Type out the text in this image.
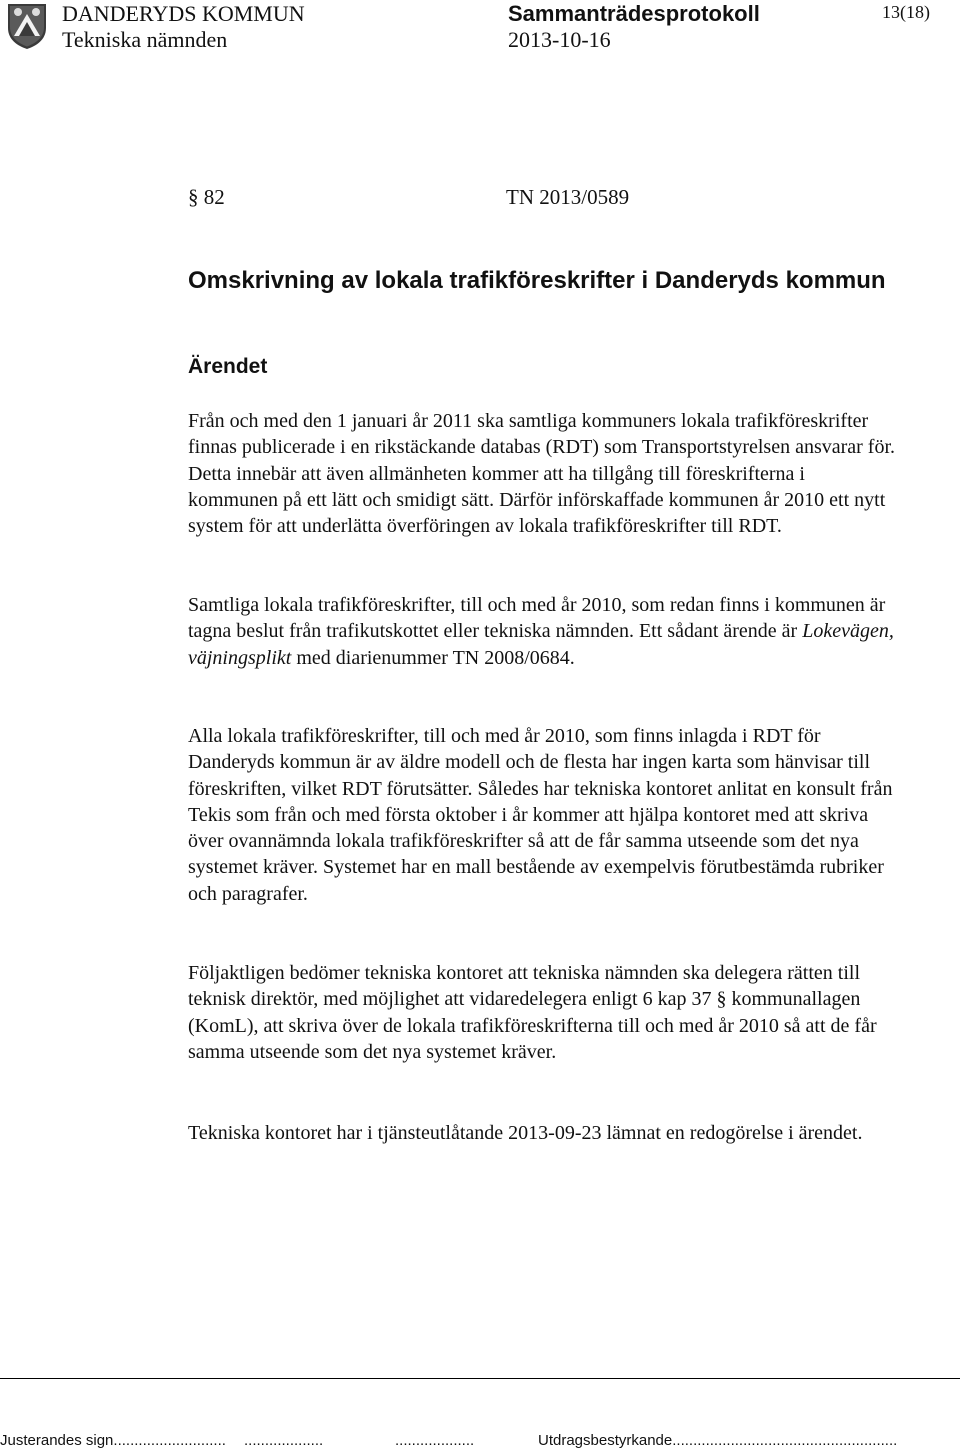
DANDERYDS KOMMUN
Tekniska nämnden
Sammanträdesprotokoll
2013-10-16
13(18)
§ 82	TN 2013/0589
Omskrivning av lokala trafikföreskrifter i Danderyds kommun
Ärendet

Från och med den 1 januari år 2011 ska samtliga kommuners lokala trafikföreskrifter finnas publicerade i en rikstäckande databas (RDT) som Transportstyrelsen ansvarar för. Detta innebär att även allmänheten kommer att ha tillgång till föreskrifterna i kommunen på ett lätt och smidigt sätt. Därför införskaffade kommunen år 2010 ett nytt system för att underlätta överföringen av lokala trafikföreskrifter till RDT.

Samtliga lokala trafikföreskrifter, till och med år 2010, som redan finns i kommunen är tagna beslut från trafikutskottet eller tekniska nämnden. Ett sådant ärende är Lokevägen, väjningsplikt med diarienummer TN 2008/0684.

Alla lokala trafikföreskrifter, till och med år 2010, som finns inlagda i RDT för Danderyds kommun är av äldre modell och de flesta har ingen karta som hänvisar till föreskriften, vilket RDT förutsätter. Således har tekniska kontoret anlitat en konsult från Tekis som från och med första oktober i år kommer att hjälpa kontoret med att skriva över ovannämnda lokala trafikföreskrifter så att de får samma utseende som det nya systemet kräver. Systemet har en mall bestående av exempelvis förutbestämda rubriker och paragrafer.

Följaktligen bedömer tekniska kontoret att tekniska nämnden ska delegera rätten till teknisk direktör, med möjlighet att vidaredelegera enligt 6 kap 37 § kommunallagen (KomL), att skriva över de lokala trafikföreskrifterna till och med år 2010 så att de får samma utseende som det nya systemet kräver.

Tekniska kontoret har i tjänsteutlåtande 2013-09-23 lämnat en redogörelse i ärendet.

Justerandes sign........................... ...................	...................	Utdragsbestyrkande......................................................
